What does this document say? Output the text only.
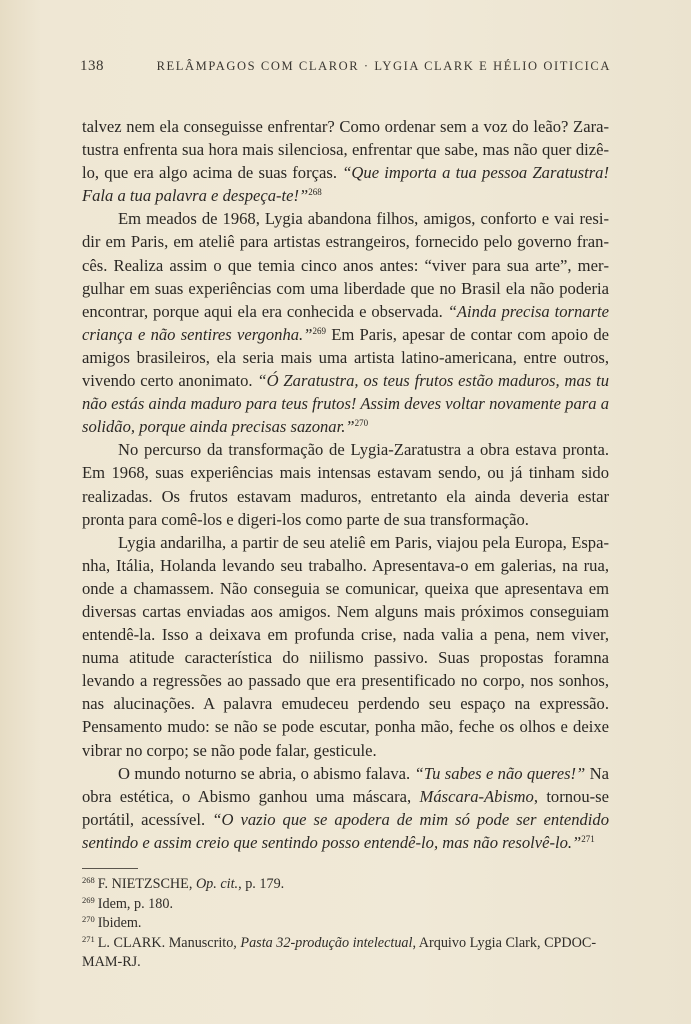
138	RELÂMPAGOS COM CLAROR · LYGIA CLARK E HÉLIO OITICICA

talvez nem ela conseguisse enfrentar? Como ordenar sem a voz do leão? Zaratustra enfrenta sua hora mais silenciosa, enfrentar que sabe, mas não quer dizê-lo, que era algo acima de suas forças. “Que importa a tua pessoa Zaratustra! Fala a tua palavra e despeça-te!”$^{268}$

Em meados de 1968, Lygia abandona filhos, amigos, conforto e vai residir em Paris, em ateliê para artistas estrangeiros, fornecido pelo governo francês. Realiza assim o que temia cinco anos antes: “viver para sua arte”, mergulhar em suas experiências com uma liberdade que no Brasil ela não poderia encontrar, porque aqui ela era conhecida e observada. “Ainda precisa tornarte criança e não sentires vergonha.”$^{269}$ Em Paris, apesar de contar com apoio de amigos brasileiros, ela seria mais uma artista latino-americana, entre outros, vivendo certo anonimato. “Ó Zaratustra, os teus frutos estão maduros, mas tu não estás ainda maduro para teus frutos! Assim deves voltar novamente para a solidão, porque ainda precisas sazonar.”$^{270}$

No percurso da transformação de Lygia-Zaratustra a obra estava pronta. Em 1968, suas experiências mais intensas estavam sendo, ou já tinham sido realizadas. Os frutos estavam maduros, entretanto ela ainda deveria estar pronta para comê-los e digeri-los como parte de sua transformação.

Lygia andarilha, a partir de seu ateliê em Paris, viajou pela Europa, Espanha, Itália, Holanda levando seu trabalho. Apresentava-o em galerias, na rua, onde a chamassem. Não conseguia se comunicar, queixa que apresentava em diversas cartas enviadas aos amigos. Nem alguns mais próximos conseguiam entendê-la. Isso a deixava em profunda crise, nada valia a pena, nem viver, numa atitude característica do niilismo passivo. Suas propostas foramna levando a regressões ao passado que era presentificado no corpo, nos sonhos, nas alucinações. A palavra emudeceu perdendo seu espaço na expressão. Pensamento mudo: se não se pode escutar, ponha mão, feche os olhos e deixe vibrar no corpo; se não pode falar, gesticule.

O mundo noturno se abria, o abismo falava. “Tu sabes e não queres!” Na obra estética, o Abismo ganhou uma máscara, Máscara-Abismo, tornou-se portátil, acessível. “O vazio que se apodera de mim só pode ser entendido sentindo e assim creio que sentindo posso entendê-lo, mas não resolvê-lo.”$^{271}$

$^{268}$ F. NIETZSCHE, Op. cit., p. 179.

$^{269}$ Idem, p. 180.

$^{270}$ Ibidem.

$^{271}$ L. CLARK. Manuscrito, Pasta 32-produção intelectual, Arquivo Lygia Clark, CPDOC-MAM-RJ.
